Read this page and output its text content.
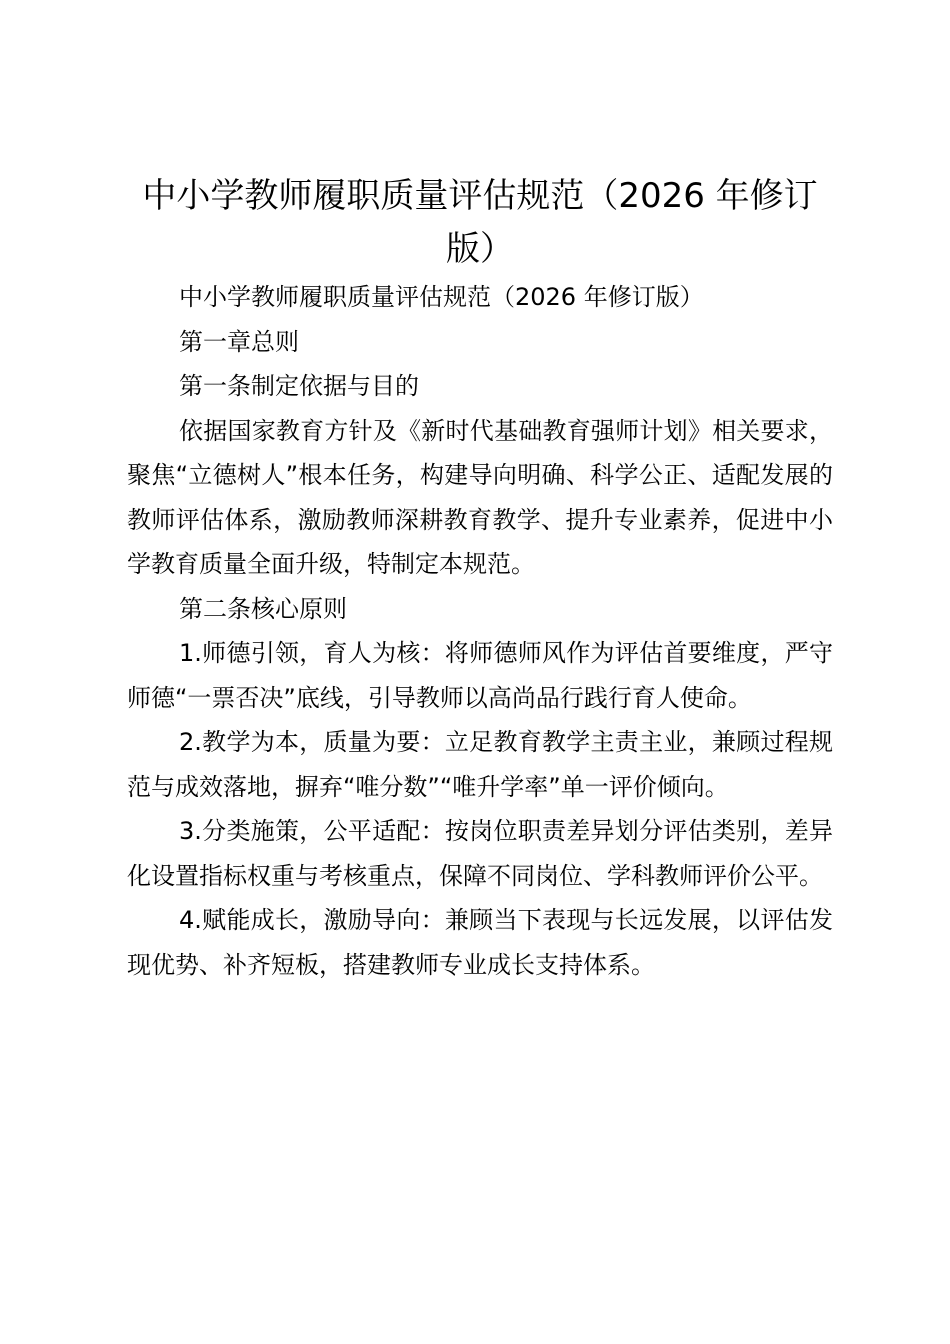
中小学教师履职质量评估规范（2026 年修订版）

中小学教师履职质量评估规范（2026 年修订版）

第一章总则

第一条制定依据与目的

依据国家教育方针及《新时代基础教育强师计划》相关要求，聚焦“立德树人”根本任务，构建导向明确、科学公正、适配发展的教师评估体系，激励教师深耕教育教学、提升专业素养，促进中小学教育质量全面升级，特制定本规范。

第二条核心原则

1.师德引领，育人为核：将师德师风作为评估首要维度，严守师德“一票否决”底线，引导教师以高尚品行践行育人使命。

2.教学为本，质量为要：立足教育教学主责主业，兼顾过程规范与成效落地，摒弃“唯分数”“唯升学率”单一评价倾向。

3.分类施策，公平适配：按岗位职责差异划分评估类别，差异化设置指标权重与考核重点，保障不同岗位、学科教师评价公平。

4.赋能成长，激励导向：兼顾当下表现与长远发展，以评估发现优势、补齐短板，搭建教师专业成长支持体系。
